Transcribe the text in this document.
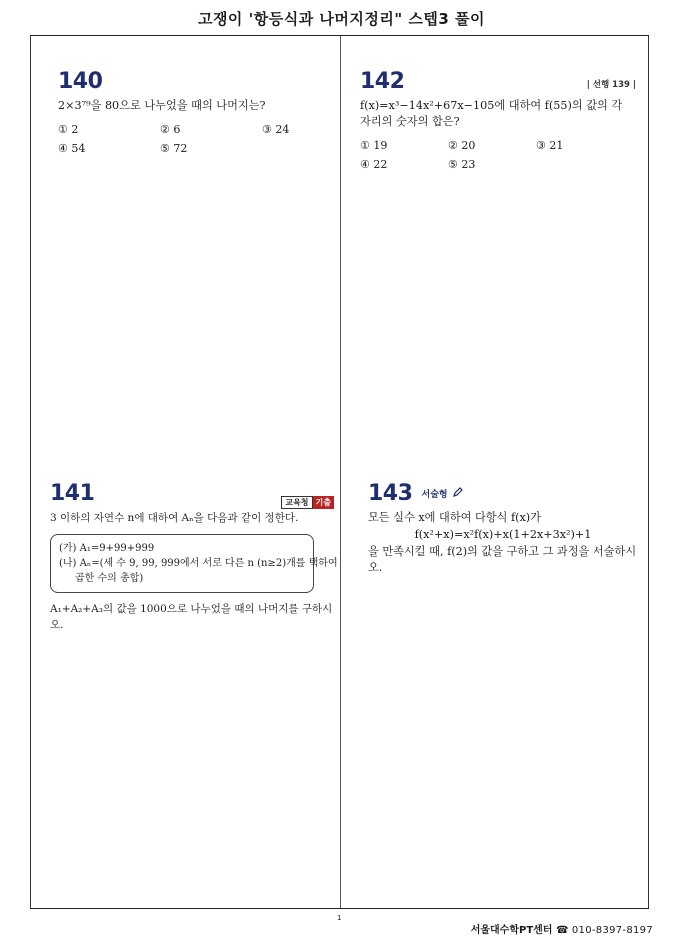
고쟁이 '항등식과 나머지정리" 스텝3 풀이
140
2×3⁷⁹을 80으로 나누었을 때의 나머지는?
① 2	② 6	③ 24
④ 54	⑤ 72
142	| 선행 139 |
f(x)=x³−14x²+67x−105에 대하여 f(55)의 값의 각 자리의 숫자의 합은?
① 19	② 20	③ 21
④ 22	⑤ 23
141	교육청 기출
3 이하의 자연수 n에 대하여 Aₙ을 다음과 같이 정한다.
(가) A₁=9+99+999
(나) Aₙ=(세 수 9, 99, 999에서 서로 다른 n (n≥2)개를 택하여
곱한 수의 총합)
A₁+A₂+A₃의 값을 1000으로 나누었을 때의 나머지를 구하시오.
143 서술형
모든 실수 x에 대하여 다항식 f(x)가
f(x²+x)=x²f(x)+x(1+2x+3x²)+1
을 만족시킬 때, f(2)의 값을 구하고 그 과정을 서술하시오.
1
서울대수학PT센터 ☎ 010-8397-8197
